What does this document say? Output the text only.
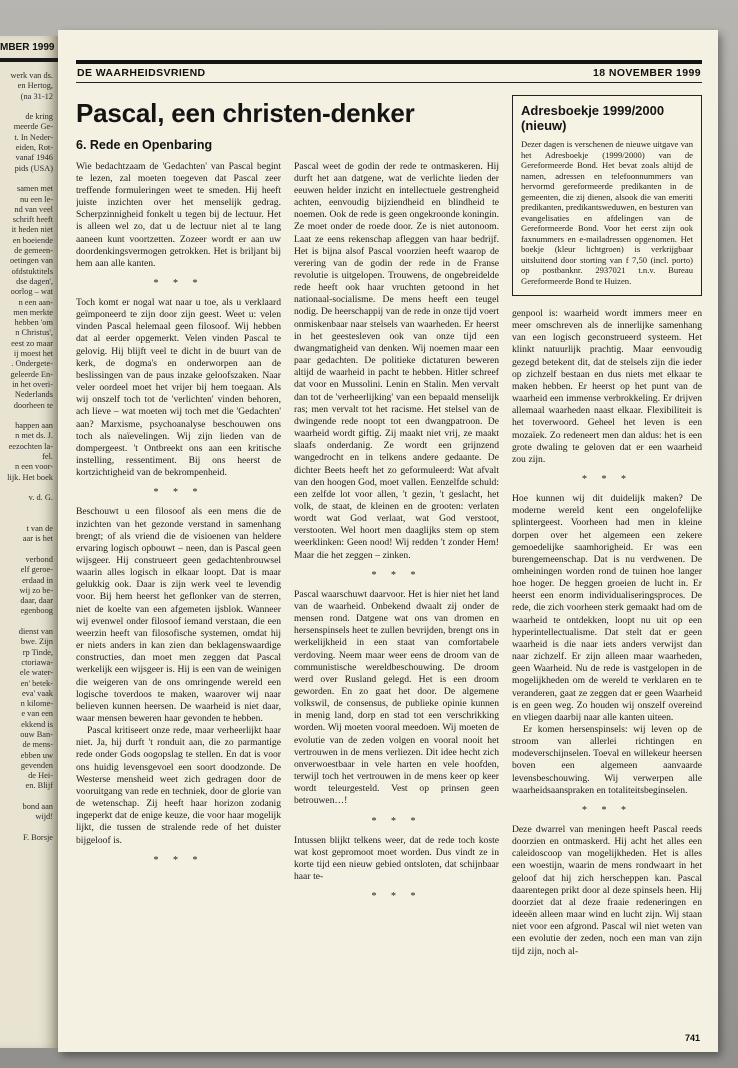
MBER 1999
werk van ds.
en Hertog,
(na 31-12
de kring
meerde Ge-
t. In Neder-
eiden, Rot-
vanaf 1946
pids (USA)
samen met
nu een le-
nd van veel
schrift heeft
it heden niet
en boeiende
de gemeen-
oetingen van
ofdstuktitels
dse dagen',
oorlog – wat
n een aan-
men merkte
hebben 'om
n Christus',
eest zo maar
ij moest het
. Ondergete-
geleerde En-
in het overi-
Nederlands
doorheen te
happen aan
n met ds. J.
eezochten la-
fel.
n een voor-
lijk. Het boek
v. d. G.
t van de
aar is het
verbond
elf geroe-
erdaad in
wij zo be-
daar, daar
egenboog
dienst van
bwe. Zijn
rp Tinde,
ctoriawa-
ele water-
en' betek-
eva' vaak
n kilome-
e van een
ekkend is
ouw Ban-
de mens-
ebben uw
gevenden
de Hei-
en. Blijf
bond aan
wijd!
F. Borsje
DE WAARHEIDSVRIEND	18 NOVEMBER 1999
Pascal, een christen-denker
6. Rede en Openbaring

Wie bedachtzaam de 'Gedachten' van Pascal begint te lezen, zal moeten toegeven dat Pascal zeer treffende formuleringen weet te smeden. Hij heeft juiste inzichten over het menselijk gedrag. Scherpzinnigheid fonkelt u tegen bij de lectuur. Het is alleen wel zo, dat u de lectuur niet al te lang aaneen kunt voortzetten. Zozeer wordt er aan uw doordenkingsvermogen getrokken. Het is briljant bij hem aan alle kanten.

* * *

Toch komt er nogal wat naar u toe, als u verklaard geïmponeerd te zijn door zijn geest. Weet u: velen vinden Pascal helemaal geen filosoof. Wij hebben dat al eerder opgemerkt. Velen vinden Pascal te gelovig. Hij blijft veel te dicht in de buurt van de kerk, de dogma's en onderworpen aan de beslissingen van de paus inzake geloofszaken. Naar veler oordeel moet het vrijer bij hem toegaan. Als wij onszelf toch tot de 'verlichten' vinden behoren, ach lieve – wat moeten wij toch met die 'Gedachten' aan? Marxisme, psychoanalyse beschouwen ons toch als naïevelingen. Wij zijn lieden van de dompergeest. 't Ontbreekt ons aan een kritische instelling, ressentiment. Bij ons heerst de kortzichtigheid van de bekrompenheid.

* * *

Beschouwt u een filosoof als een mens die de inzichten van het gezonde verstand in samenhang brengt; of als vriend die de visioenen van heldere ervaring logisch opbouwt – neen, dan is Pascal geen wijsgeer. Hij construeert geen gedachtenbrouwsel waarin alles logisch in elkaar loopt. Dat is maar gelukkig ook. Daar is zijn werk veel te levendig voor. Bij hem heerst het geflonker van de sterren, niet de koelte van een afgemeten ijsblok. Wanneer wij evenwel onder filosoof iemand verstaan, die een weerzin heeft van filosofische systemen, omdat hij er niets anders in kan zien dan beklagenswaardige constructies, dan moet men zeggen dat Pascal werkelijk een wijsgeer is. Hij is een van de weinigen die weigeren van de ons omringende wereld een logische toverdoos te maken, waarover wij naar believen kunnen heersen. De waarheid is niet daar, waar mensen beweren haar gevonden te hebben.

Pascal kritiseert onze rede, maar verheerlijkt haar niet. Ja, hij durft 't ronduit aan, die zo parmantige rede onder Gods oogopslag te stellen. En dat is voor ons huidig levensgevoel een soort doodzonde. De Westerse mensheid weet zich gedragen door de vooruitgang van rede en techniek, door de glorie van de wetenschap. Zij heeft haar horizon zodanig ingeperkt dat de enige keuze, die voor haar mogelijk lijkt, die tussen de stralende rede of het duister bijgeloof is.

* * *

Pascal weet de godin der rede te ontmaskeren. Hij durft het aan datgene, wat de verlichte lieden der eeuwen helder inzicht en intellectuele gestrengheid achten, eenvoudig bijziendheid en blindheid te noemen. Ook de rede is geen ongekroonde koningin. Ze moet onder de roede door. Ze is niet autonoom. Laat ze eens rekenschap afleggen van haar bedrijf. Het is bijna alsof Pascal voorzien heeft waarop de verering van de godin der rede in de Franse revolutie is uitgelopen. Trouwens, de ongebreidelde rede heeft ook haar vruchten getoond in het nationaal-socialisme. De mens heeft een teugel nodig. De heerschappij van de rede in onze tijd voert onmiskenbaar naar stelsels van waarheden. Er heerst in het geestesleven ook van onze tijd een dwangmatigheid van denken. Wij noemen maar een paar gedachten. De politieke dictaturen beweren altijd de waarheid in pacht te hebben. Hitler schreef dat voor en Mussolini. Lenin en Stalin. Men vervalt dan tot de 'verheerlijking' van een bepaald menselijk ras; men vervalt tot het racisme. Het stelsel van de dwingende rede noopt tot een dwangpatroon. De waarheid wordt giftig. Zij maakt niet vrij, ze maakt slaafs onderdanig. Ze wordt een grijnzend wangedrocht en in telkens andere gedaante. De dichter Beets heeft het zo geformuleerd: Wat afvalt van den hoogen God, moet vallen. Eenzelfde schuld: een zelfde lot voor allen, 't gezin, 't geslacht, het volk, de staat, de kleinen en de grooten: verlaten wordt wat God verlaat, wat God verstoot, verstooten. Wel hoort men daaglijks stem op stem weerklinken: Geen nood! Wij redden 't zonder Hem! Maar die het zeggen – zinken.

* * *

Pascal waarschuwt daarvoor. Het is hier niet het land van de waarheid. Onbekend dwaalt zij onder de mensen rond. Datgene wat ons van dromen en hersenspinsels heet te zullen bevrijden, brengt ons in werkelijkheid in een staat van comfortabele verdoving. Neem maar weer eens de droom van de communistische wereldbeschouwing. De droom werd over Rusland gelegd. Het is een droom geworden. En zo gaat het door. De algemene volkswil, de consensus, de publieke opinie kunnen in menig land, dorp en stad tot een verschrikking worden. Wij moeten vooral meedoen. Wij moeten de evolutie van de zeden volgen en vooral nooit het vertrouwen in de mens verliezen. Dit idee hecht zich onverwoestbaar in vele harten en vele hoofden, terwijl toch het vertrouwen in de mens keer op keer wordt teleurgesteld. Vest op prinsen geen betrouwen…!

* * *

Intussen blijkt telkens weer, dat de rede toch koste wat kost gepromoot moet worden. Dus vindt ze in korte tijd een nieuw gebied ontsloten, dat schijnbaar haar te-

* * *
Adresboekje 1999/2000 (nieuw)

Dezer dagen is verschenen de nieuwe uitgave van het Adresboekje (1999/2000) van de Gereformeerde Bond. Het bevat zoals altijd de namen, adressen en telefoonnummers van hervormd gereformeerde predikanten in de gemeenten, die zij dienen, alsook die van emeriti predikanten, predikantsweduwen, en besturen van evangelisaties en afdelingen van de Gereformeerde Bond. Voor het eerst zijn ook faxnummers en e-mailadressen opgenomen. Het boekje (kleur lichtgroen) is verkrijgbaar uitsluitend door storting van f 7,50 (incl. porto) op postbanknr. 2937021 t.n.v. Bureau Gereformeerde Bond te Huizen.

genpool is: waarheid wordt immers meer en meer omschreven als de innerlijke samenhang van een logisch geconstrueerd systeem. Het klinkt natuurlijk prachtig. Maar eenvoudig gezegd betekent dit, dat de stelsels zijn die ieder op zichzelf bestaan en dus niets met elkaar te maken hebben. Er heerst op het punt van de waarheid een immense verbrokkeling. Er drijven allemaal waarheden naast elkaar. Flexibiliteit is het toverwoord. Geheel het leven is een mozaïek. Zo redeneert men dan aldus: het is een grote dwaling te geloven dat er een waarheid zou zijn.

* * *

Hoe kunnen wij dit duidelijk maken? De moderne wereld kent een ongelofelijke splintergeest. Voorheen had men in kleine dorpen over het algemeen een zekere gemoedelijke saamhorigheid. Er was een burengemeenschap. Dat is nu verdwenen. De omheiningen worden rond de tuinen hoe langer hoe hoger. De heggen groeien de lucht in. Er heerst een enorm individualiseringsproces. De rede, die zich voorheen sterk gemaakt had om de waarheid te ontdekken, loopt nu uit op een hyperintellectualisme. Dat stelt dat er geen waarheid is die naar iets anders verwijst dan naar zichzelf. Er zijn alleen maar waarheden, geen Waarheid. Nu de rede is vastgelopen in de mogelijkheden om de wereld te verklaren en te veranderen, gaat ze zeggen dat er geen Waarheid is en geen weg. Zo houden wij onszelf overeind en vliegen daarbij naar alle kanten uiteen.

Er komen hersenspinsels: wij leven op de stroom van allerlei richtingen en modeverschijnselen. Toeval en willekeur heersen boven een algemeen aanvaarde levensbeschouwing. Wij verwerpen alle waarheidsaanspraken en totaliteitsbeginselen.

* * *

Deze dwarrel van meningen heeft Pascal reeds doorzien en ontmaskerd. Hij acht het alles een caleidoscoop van mogelijkheden. Het is alles een woestijn, waarin de mens rondwaart in het geloof dat hij zich herscheppen kan. Pascal daarentegen prikt door al deze spinsels heen. Hij doorziet dat al deze fraaie redeneringen en ideeën alleen maar wind en lucht zijn. Wij staan niet voor een afgrond. Pascal wil niet weten van een evolutie der zeden, noch een man van zijn tijd zijn, noch al-

741
